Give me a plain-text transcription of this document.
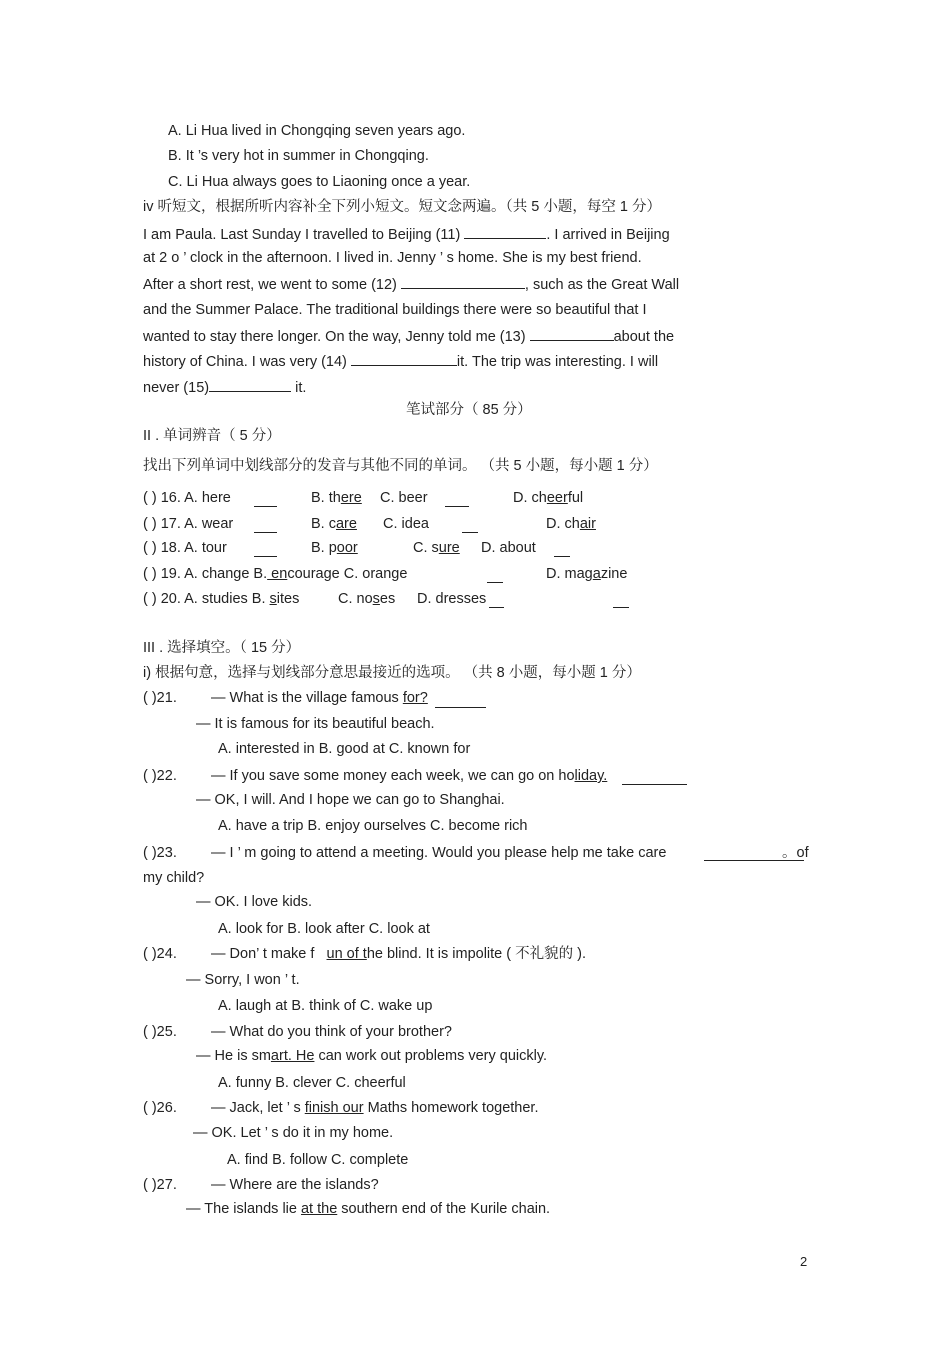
A. Li Hua lived in Chongqing seven years ago.
B. It ’s very hot in summer in Chongqing.
C. Li Hua always goes to Liaoning once a year.
iv 听短文，根据所听内容补全下列小短文。短文念两遍。（共 5 小题，每空 1 分）
I am Paula. Last Sunday I travelled to Beijing (11)	. I arrived in Beijing
at 2 o ’ clock in the afternoon. I lived in. Jenny ’ s home. She is my best friend.
After a short rest, we went to some (12)	, such as the Great Wall
and the Summer Palace. The traditional buildings there were so beautiful that I
wanted to stay there longer. On the way, Jenny told me (13)	about the
history of China. I was very (14)	it. The trip was interesting. I will
never (15)	it.
笔试部分（ 85 分）
II . 单词辨音（ 5 分）
找出下列单词中划线部分的发音与其他不同的单词。 （共 5 小题，每小题 1 分）
( ) 16. A. here	B. there C. beer	D. cheerful
( ) 17. A. wear	B. care C. idea	D. chair
( ) 18. A. tour	B. poor	C. sure D. about
( ) 19. A. change B. encourage C. orange	D. magazine
( ) 20. A. studies B. sites	C. noses D. dresses
III . 选择填空。（ 15 分）
i) 根据句意，选择与划线部分意思最接近的选项。 （共 8 小题，每小题 1 分）
( )21. — What is the village famous for?
— It is famous for its beautiful beach.
A. interested in B. good at C. known for
( )22. — If you save some money each week, we can go on holiday.
— OK, I will. And I hope we can go to Shanghai.
A. have a trip B. enjoy ourselves C. become rich
( )23. — I ’ m going to attend a meeting. Would you please help me take care	。of
my child?
— OK. I love kids.
A. look for B. look after C. look at
( )24. — Don’ t make f un of the blind. It is impolite ( 不礼貌的 ).
— Sorry, I won ’ t.
A. laugh at B. think of C. wake up
( )25. — What do you think of your brother?
— He is smart. He can work out problems very quickly.
A. funny B. clever C. cheerful
( )26. — Jack, let ’ s finish our Maths homework together.
— OK. Let ’ s do it in my home.
A. find B. follow C. complete
( )27. — Where are the islands?
— The islands lie at the southern end of the Kurile chain.
2
